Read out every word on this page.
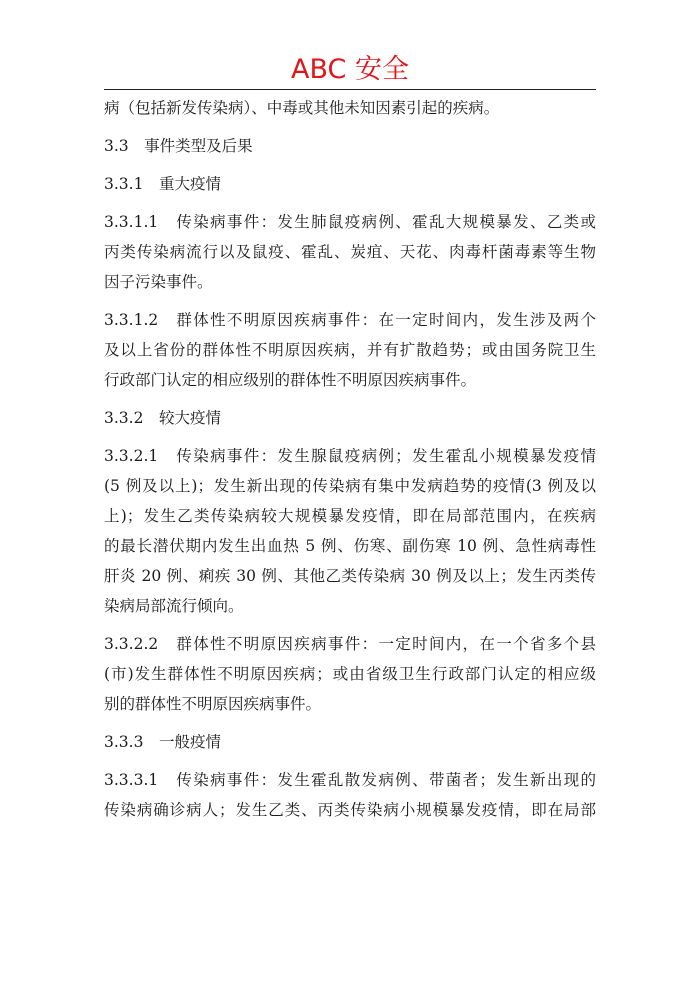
ABC 安全
病（包括新发传染病）、中毒或其他未知因素引起的疾病。
3.3　事件类型及后果
3.3.1　重大疫情
3.3.1.1　传染病事件：发生肺鼠疫病例、霍乱大规模暴发、乙类或
丙类传染病流行以及鼠疫、霍乱、炭疽、天花、肉毒杆菌毒素等生物
因子污染事件。
3.3.1.2　群体性不明原因疾病事件：在一定时间内，发生涉及两个
及以上省份的群体性不明原因疾病，并有扩散趋势；或由国务院卫生
行政部门认定的相应级别的群体性不明原因疾病事件。
3.3.2　较大疫情
3.3.2.1　传染病事件：发生腺鼠疫病例；发生霍乱小规模暴发疫情
(5 例及以上)；发生新出现的传染病有集中发病趋势的疫情(3 例及以
上)；发生乙类传染病较大规模暴发疫情，即在局部范围内，在疾病
的最长潜伏期内发生出血热 5 例、伤寒、副伤寒 10 例、急性病毒性
肝炎 20 例、痢疾 30 例、其他乙类传染病 30 例及以上；发生丙类传
染病局部流行倾向。
3.3.2.2　群体性不明原因疾病事件：一定时间内，在一个省多个县
(市)发生群体性不明原因疾病；或由省级卫生行政部门认定的相应级
别的群体性不明原因疾病事件。
3.3.3　一般疫情
3.3.3.1　传染病事件：发生霍乱散发病例、带菌者；发生新出现的
传染病确诊病人；发生乙类、丙类传染病小规模暴发疫情，即在局部
